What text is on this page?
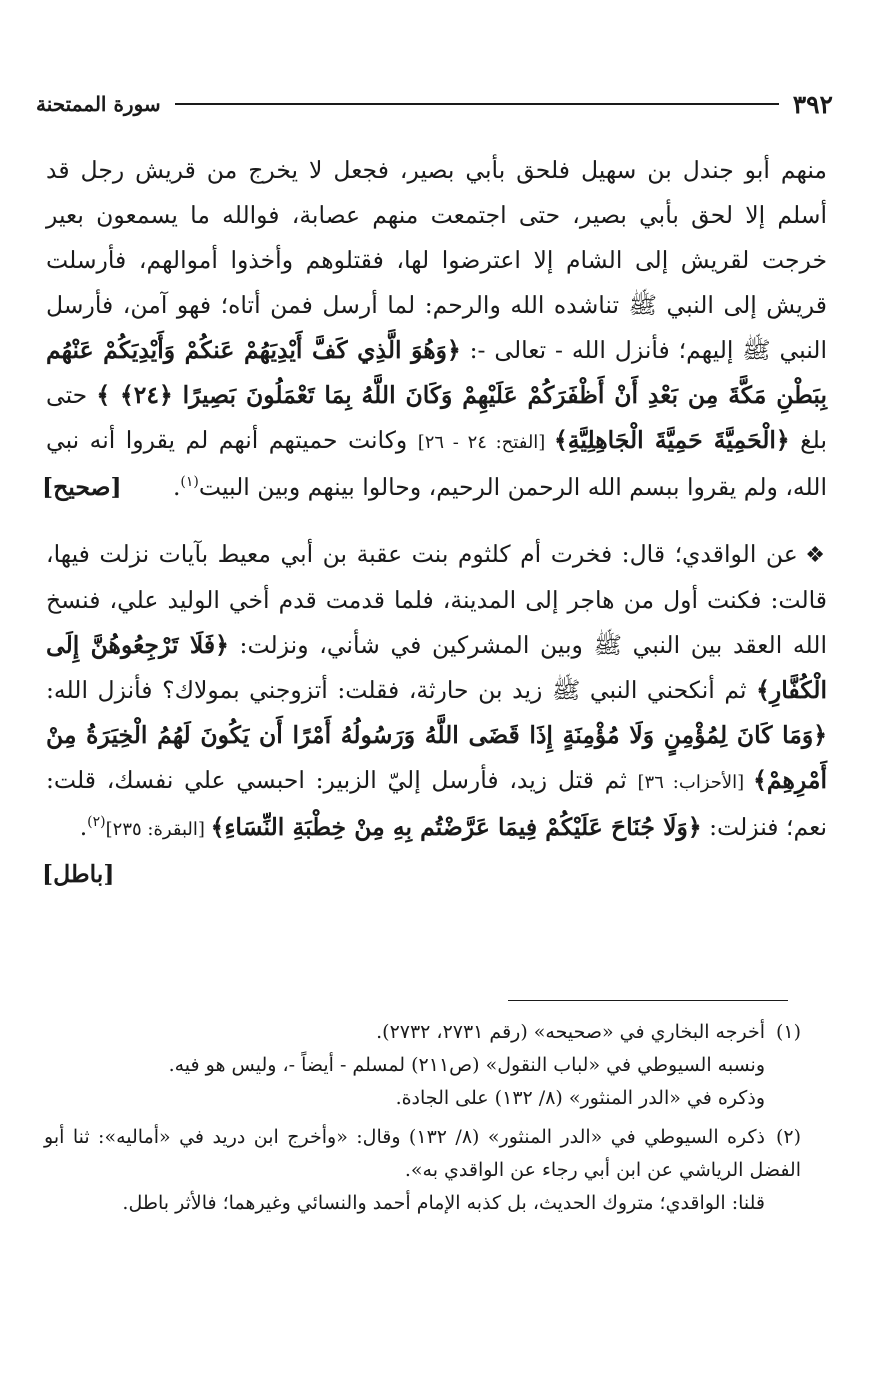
٣٩٢
سورة الممتحنة

منهم أبو جندل بن سهيل فلحق بأبي بصير، فجعل لا يخرج من قريش رجل قد أسلم إلا لحق بأبي بصير، حتى اجتمعت منهم عصابة، فوالله ما يسمعون بعير خرجت لقريش إلى الشام إلا اعترضوا لها، فقتلوهم وأخذوا أموالهم، فأرسلت قريش إلى النبي ﷺ تناشده الله والرحم: لما أرسل فمن أتاه؛ فهو آمن، فأرسل النبي ﷺ إليهم؛ فأنزل الله - تعالى -: ﴿وَهُوَ الَّذِي كَفَّ أَيْدِيَهُمْ عَنكُمْ وَأَيْدِيَكُمْ عَنْهُم بِبَطْنِ مَكَّةَ مِن بَعْدِ أَنْ أَظْفَرَكُمْ عَلَيْهِمْ وَكَانَ اللَّهُ بِمَا تَعْمَلُونَ بَصِيرًا ﴿٢٤﴾ ﴾ حتى بلغ ﴿الْحَمِيَّةَ حَمِيَّةَ الْجَاهِلِيَّةِ﴾ [الفتح: ٢٤ - ٢٦] وكانت حميتهم أنهم لم يقروا أنه نبي الله، ولم يقروا ببسم الله الرحمن الرحيم، وحالوا بينهم وبين البيت$^{(١)}$.
[صحيح]

❖ عن الواقدي؛ قال: فخرت أم كلثوم بنت عقبة بن أبي معيط بآيات نزلت فيها، قالت: فكنت أول من هاجر إلى المدينة، فلما قدمت قدم أخي الوليد علي، فنسخ الله العقد بين النبي ﷺ وبين المشركين في شأني، ونزلت: ﴿فَلَا تَرْجِعُوهُنَّ إِلَى الْكُفَّارِ﴾ ثم أنكحني النبي ﷺ زيد بن حارثة، فقلت: أتزوجني بمولاك؟ فأنزل الله: ﴿وَمَا كَانَ لِمُؤْمِنٍ وَلَا مُؤْمِنَةٍ إِذَا قَضَى اللَّهُ وَرَسُولُهُ أَمْرًا أَن يَكُونَ لَهُمُ الْخِيَرَةُ مِنْ أَمْرِهِمْ﴾ [الأحزاب: ٣٦] ثم قتل زيد، فأرسل إليّ الزبير: احبسي علي نفسك، قلت: نعم؛ فنزلت: ﴿وَلَا جُنَاحَ عَلَيْكُمْ فِيمَا عَرَّضْتُم بِهِ مِنْ خِطْبَةِ النِّسَاءِ﴾ [البقرة: ٢٣٥]$^{(٢)}$.
[باطل]

(١)أخرجه البخاري في «صحيحه» (رقم ٢٧٣١، ٢٧٣٢).

ونسبه السيوطي في «لباب النقول» (ص٢١١) لمسلم - أيضاً -، وليس هو فيه.

وذكره في «الدر المنثور» (٨/ ١٣٢) على الجادة.

(٢)ذكره السيوطي في «الدر المنثور» (٨/ ١٣٢) وقال: «وأخرج ابن دريد في «أماليه»: ثنا أبو الفضل الرياشي عن ابن أبي رجاء عن الواقدي به».

قلنا: الواقدي؛ متروك الحديث، بل كذبه الإمام أحمد والنسائي وغيرهما؛ فالأثر باطل.
